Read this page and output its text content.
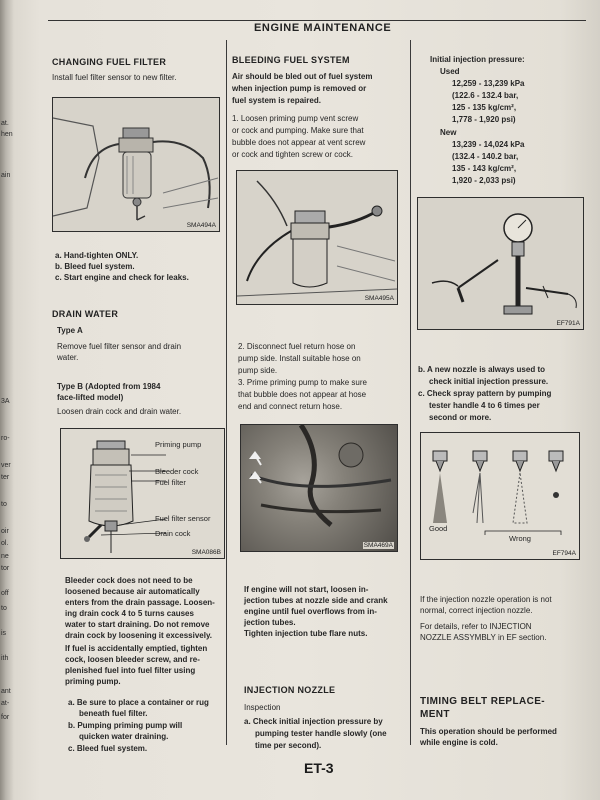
at.
hen
ain
ro-
ver
ter
to
oir
ol.
ne
tor
off
to
is
ith
ant
at-
for
3A
ENGINE MAINTENANCE
CHANGING FUEL FILTER
Install fuel filter sensor to new filter.
SMA494A
a. Hand-tighten ONLY.
b. Bleed fuel system.
c. Start engine and check for leaks.
DRAIN WATER
Type A
Remove fuel filter sensor and drain
water.
Type B (Adopted from 1984
face-lifted model)
Loosen drain cock and drain water.
Priming pump
Bleeder cock
Fuel filter
Fuel filter sensor
Drain cock
SMA086B
Bleeder cock does not need to be
loosened because air automatically
enters from the drain passage. Loosen-
ing drain cock 4 to 5 turns causes
water to start draining. Do not remove
drain cock by loosening it excessively.
If fuel is accidentally emptied, tighten
cock, loosen bleeder screw, and re-
plenished fuel into fuel filter using
priming pump.
a. Be sure to place a container or rug
beneath fuel filter.
b. Pumping priming pump will
quicken water draining.
c. Bleed fuel system.
BLEEDING FUEL SYSTEM
Air should be bled out of fuel system
when injection pump is removed or
fuel system is repaired.
1. Loosen priming pump vent screw
or cock and pumping. Make sure that
bubble does not appear at vent screw
or cock and tighten screw or cock.
SMA495A
2. Disconnect fuel return hose on
pump side. Install suitable hose on
pump side.
3. Prime priming pump to make sure
that bubble does not appear at hose
end and connect return hose.
SMA469A
If engine will not start, loosen in-
jection tubes at nozzle side and crank
engine until fuel overflows from in-
jection tubes.
Tighten injection tube flare nuts.
INJECTION NOZZLE
Inspection
a. Check initial injection pressure by
pumping tester handle slowly (one
time per second).
Initial injection pressure:
Used
12,259 - 13,239 kPa
(122.6 - 132.4 bar,
125 - 135 kg/cm²,
1,778 - 1,920 psi)
New
13,239 - 14,024 kPa
(132.4 - 140.2 bar,
135 - 143 kg/cm²,
1,920 - 2,033 psi)
EF791A
b. A new nozzle is always used to
check initial injection pressure.
c. Check spray pattern by pumping
tester handle 4 to 6 times per
second or more.
Good
Wrong
EF794A
If the injection nozzle operation is not
normal, correct injection nozzle.
For details, refer to INJECTION
NOZZLE ASSYMBLY in EF section.
TIMING BELT REPLACE-
MENT
This operation should be performed
while engine is cold.
ET-3
